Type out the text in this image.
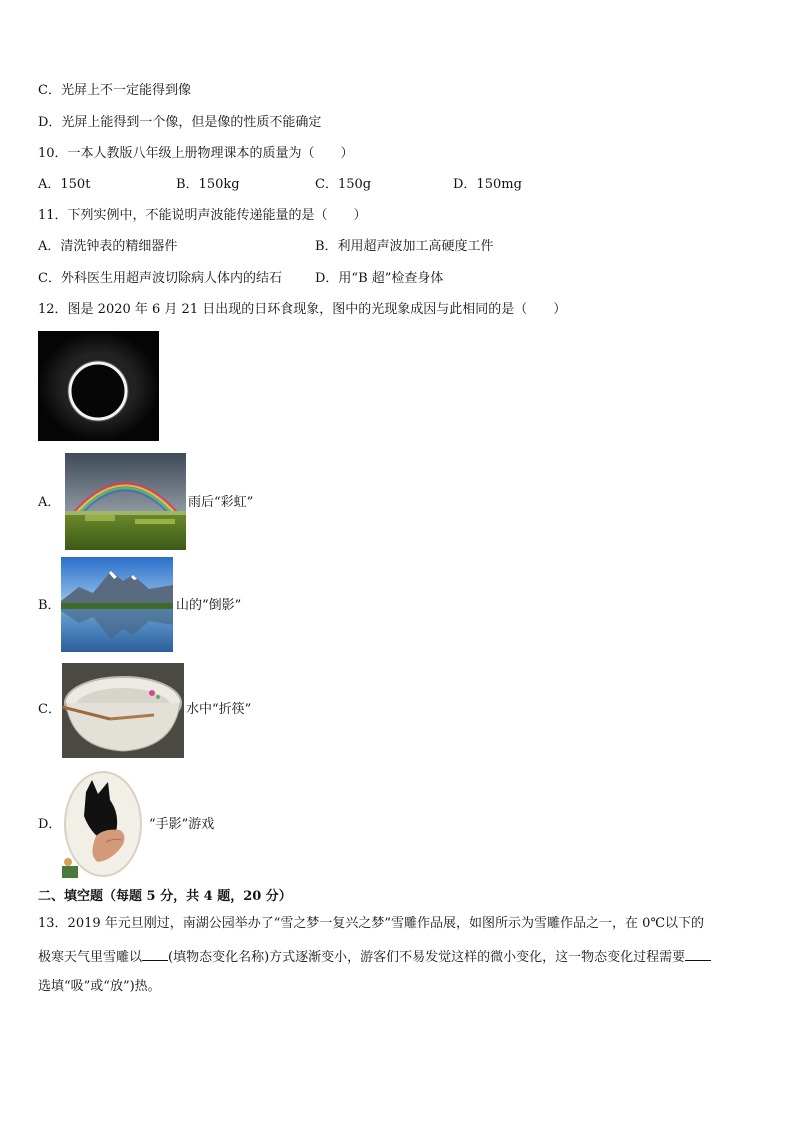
C．光屏上不一定能得到像
D．光屏上能得到一个像，但是像的性质不能确定
10．一本人教版八年级上册物理课本的质量为（　　）
A．150t	B．150kg	C．150g	D．150mg
11．下列实例中，不能说明声波能传递能量的是（　　）
A．清洗钟表的精细器件	B．利用超声波加工高硬度工件
C．外科医生用超声波切除病人体内的结石	D．用“B 超”检查身体
12．图是 2020 年 6 月 21 日出现的日环食现象，图中的光现象成因与此相同的是（　　）
A．	雨后“彩虹”
B．	山的“倒影”
C．	水中“折筷”
D．	“手影”游戏
二、填空题（每题 5 分，共 4 题，20 分）
13．2019 年元旦刚过，南湖公园举办了“雪之梦一复兴之梦”雪雕作品展，如图所示为雪雕作品之一，在 0℃以下的
极寒天气里雪雕以 (填物态变化名称)方式逐渐变小，游客们不易发觉这样的微小变化，这一物态变化过程需要
选填“吸”或“放”)热。
